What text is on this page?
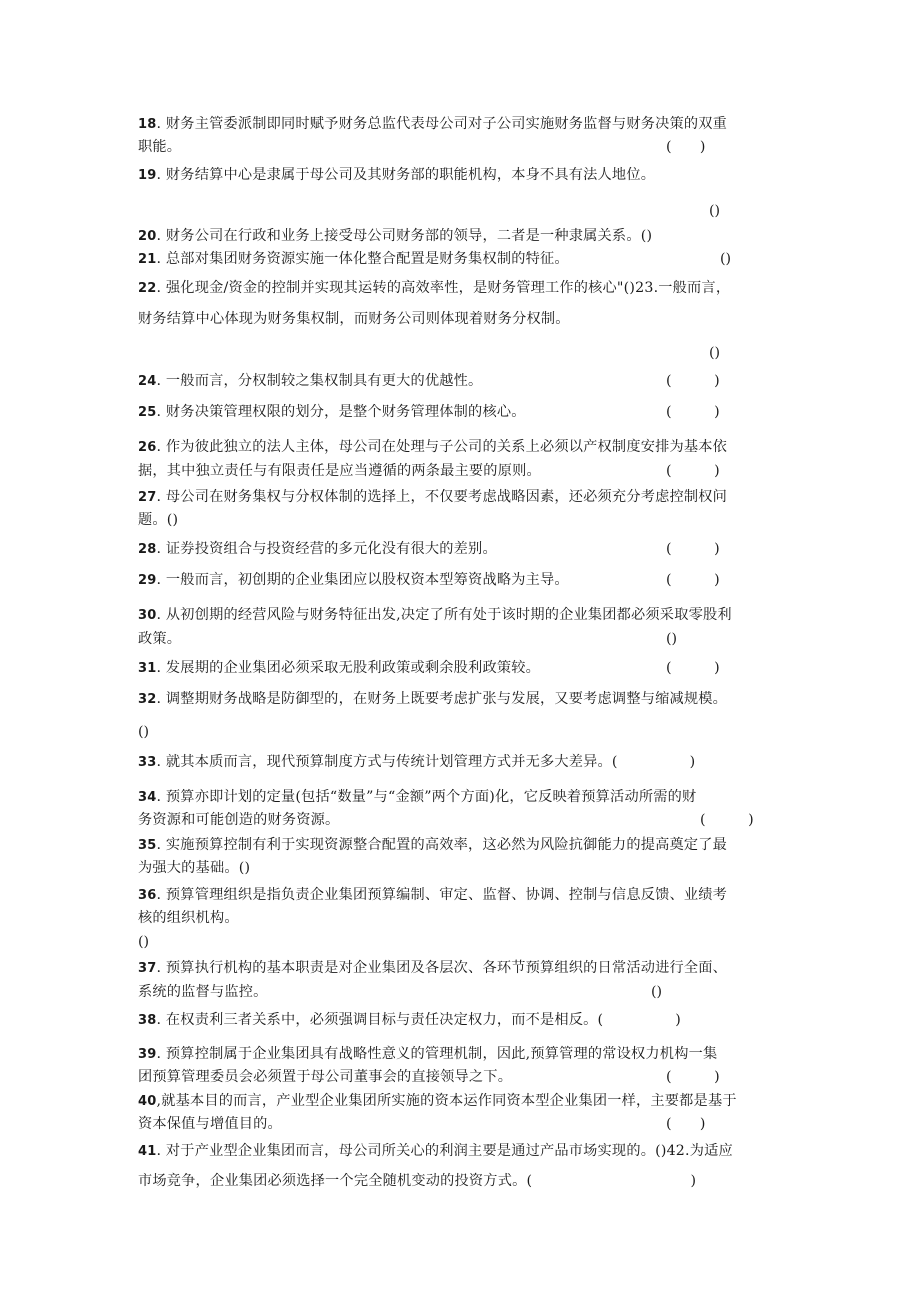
18. 财务主管委派制即同时赋予财务总监代表母公司对子公司实施财务监督与财务决策的双重
职能。	(　　)
19. 财务结算中心是隶属于母公司及其财务部的职能机构，本身不具有法人地位。
()
20. 财务公司在行政和业务上接受母公司财务部的领导，二者是一种隶属关系。()
21. 总部对集团财务资源实施一体化整合配置是财务集权制的特征。	()
22. 强化现金/资金的控制并实现其运转的高效率性，是财务管理工作的核心"()23.一般而言，
财务结算中心体现为财务集权制，而财务公司则体现着财务分权制。
()
24. 一般而言，分权制较之集权制具有更大的优越性。	(　　　)
25. 财务决策管理权限的划分，是整个财务管理体制的核心。	(　　　)
26. 作为彼此独立的法人主体，母公司在处理与子公司的关系上必须以产权制度安排为基本依
据，其中独立责任与有限责任是应当遵循的两条最主要的原则。	(　　　)
27. 母公司在财务集权与分权体制的选择上，不仅要考虑战略因素，还必须充分考虑控制权问
题。()
28. 证券投资组合与投资经营的多元化没有很大的差别。	(　　　)
29. 一般而言，初创期的企业集团应以股权资本型筹资战略为主导。	(　　　)
30. 从初创期的经营风险与财务特征出发,决定了所有处于该时期的企业集团都必须采取零股利
政策。	()
31. 发展期的企业集团必须采取无股利政策或剩余股利政策较。	(　　　)
32. 调整期财务战略是防御型的，在财务上既要考虑扩张与发展，又要考虑调整与缩减规模。
()
33. 就其本质而言，现代预算制度方式与传统计划管理方式并无多大差异。(　　　　　)
34. 预算亦即计划的定量(包括“数量”与“金额”两个方面)化，它反映着预算活动所需的财
务资源和可能创造的财务资源。	(　　　)
35. 实施预算控制有利于实现资源整合配置的高效率，这必然为风险抗御能力的提高奠定了最
为强大的基础。()
36. 预算管理组织是指负责企业集团预算编制、审定、监督、协调、控制与信息反馈、业绩考
核的组织机构。
()
37. 预算执行机构的基本职责是对企业集团及各层次、各环节预算组织的日常活动进行全面、
系统的监督与监控。	()
38. 在权责利三者关系中，必须强调目标与责任决定权力，而不是相反。(　　　　　)
39. 预算控制属于企业集团具有战略性意义的管理机制，因此,预算管理的常设权力机构一集
团预算管理委员会必须置于母公司董事会的直接领导之下。	(　　　)
40,就基本目的而言，产业型企业集团所实施的资本运作同资本型企业集团一样，主要都是基于
资本保值与增值目的。	(　　)
41. 对于产业型企业集团而言，母公司所关心的利润主要是通过产品市场实现的。()42.为适应
市场竞争，企业集团必须选择一个完全随机变动的投资方式。(　　　　　　　　　　　)
